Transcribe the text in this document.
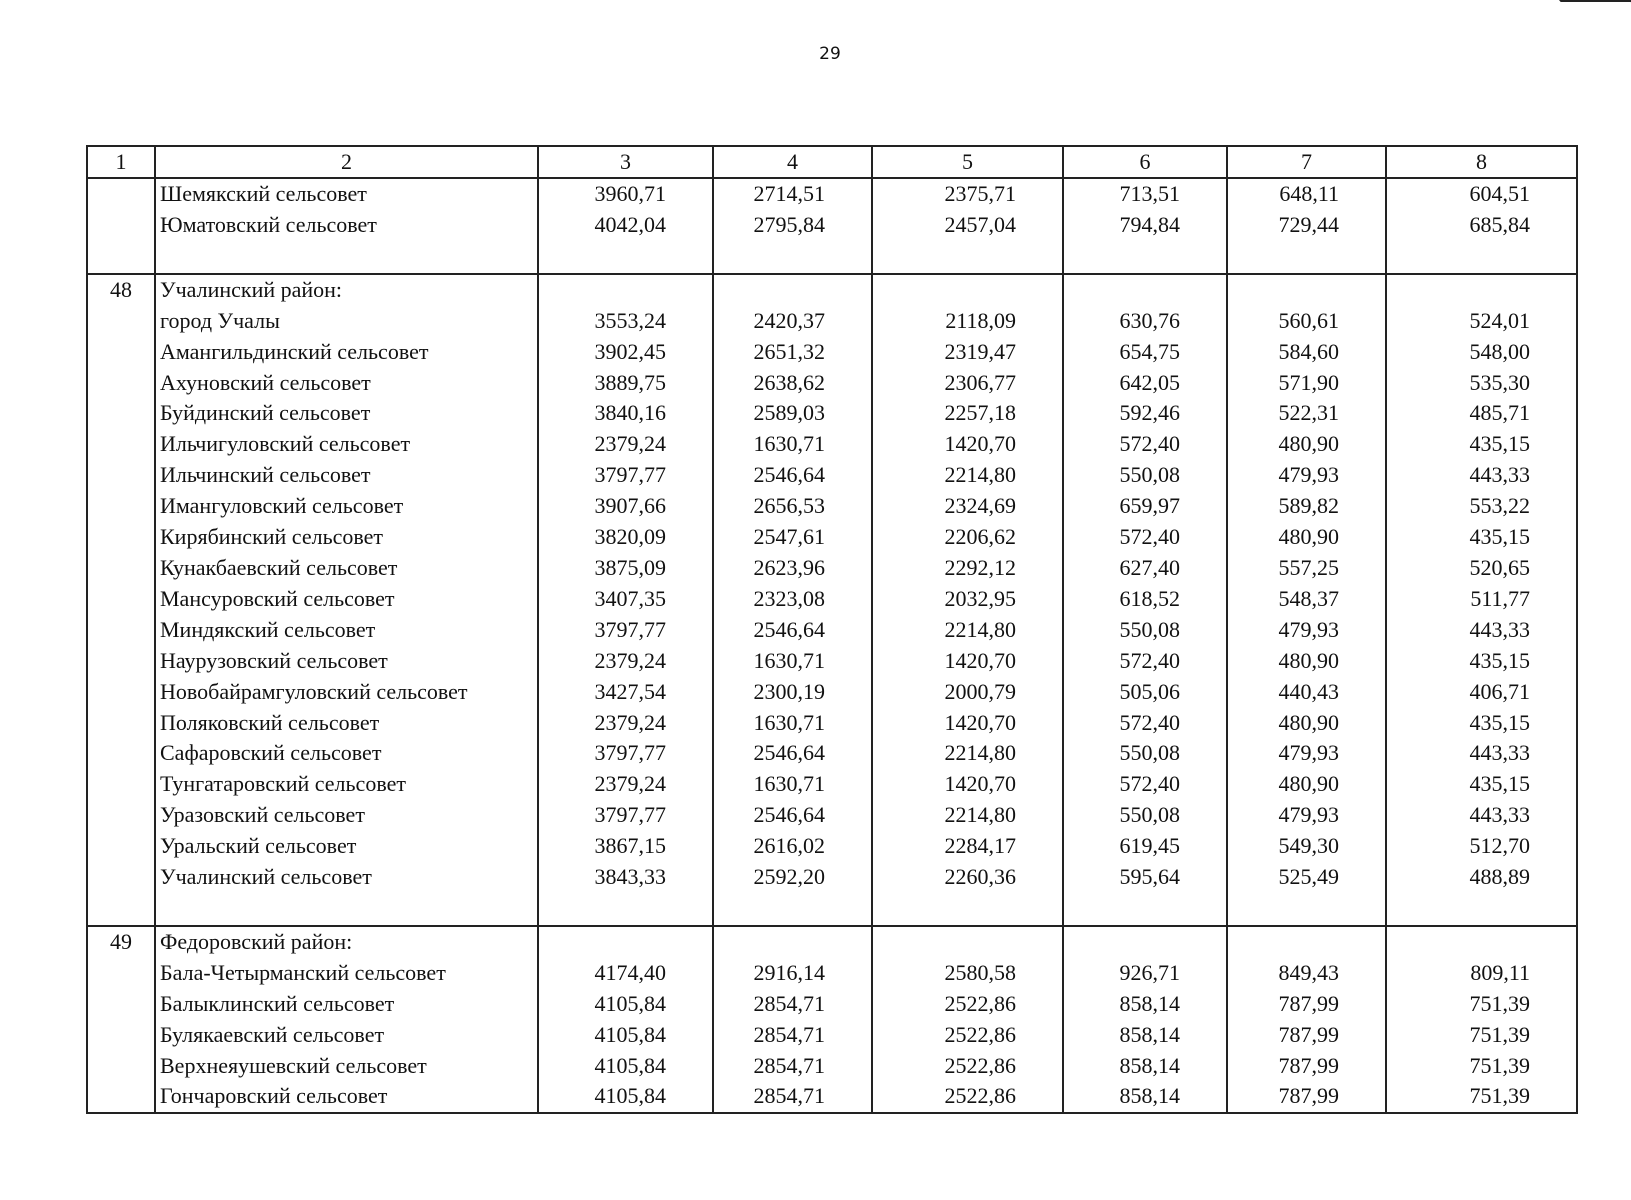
29
1	2	3	4	5	6	7	8
	Шемякский сельсовет	3960,71	2714,51	2375,71	713,51	648,11	604,51
	Юматовский сельсовет	4042,04	2795,84	2457,04	794,84	729,44	685,84

48	Учалинский район:						
	город Учалы	3553,24	2420,37	2118,09	630,76	560,61	524,01
	Амангильдинский сельсовет	3902,45	2651,32	2319,47	654,75	584,60	548,00
	Ахуновский сельсовет	3889,75	2638,62	2306,77	642,05	571,90	535,30
	Буйдинский сельсовет	3840,16	2589,03	2257,18	592,46	522,31	485,71
	Ильчигуловский сельсовет	2379,24	1630,71	1420,70	572,40	480,90	435,15
	Ильчинский сельсовет	3797,77	2546,64	2214,80	550,08	479,93	443,33
	Имангуловский сельсовет	3907,66	2656,53	2324,69	659,97	589,82	553,22
	Кирябинский сельсовет	3820,09	2547,61	2206,62	572,40	480,90	435,15
	Кунакбаевский сельсовет	3875,09	2623,96	2292,12	627,40	557,25	520,65
	Мансуровский сельсовет	3407,35	2323,08	2032,95	618,52	548,37	511,77
	Миндякский сельсовет	3797,77	2546,64	2214,80	550,08	479,93	443,33
	Наурузовский сельсовет	2379,24	1630,71	1420,70	572,40	480,90	435,15
	Новобайрамгуловский сельсовет	3427,54	2300,19	2000,79	505,06	440,43	406,71
	Поляковский сельсовет	2379,24	1630,71	1420,70	572,40	480,90	435,15
	Сафаровский сельсовет	3797,77	2546,64	2214,80	550,08	479,93	443,33
	Тунгатаровский сельсовет	2379,24	1630,71	1420,70	572,40	480,90	435,15
	Уразовский сельсовет	3797,77	2546,64	2214,80	550,08	479,93	443,33
	Уральский сельсовет	3867,15	2616,02	2284,17	619,45	549,30	512,70
	Учалинский сельсовет	3843,33	2592,20	2260,36	595,64	525,49	488,89

49	Федоровский район:						
	Бала-Четырманский сельсовет	4174,40	2916,14	2580,58	926,71	849,43	809,11
	Балыклинский сельсовет	4105,84	2854,71	2522,86	858,14	787,99	751,39
	Булякаевский сельсовет	4105,84	2854,71	2522,86	858,14	787,99	751,39
	Верхнеяушевский сельсовет	4105,84	2854,71	2522,86	858,14	787,99	751,39
	Гончаровский сельсовет	4105,84	2854,71	2522,86	858,14	787,99	751,39
